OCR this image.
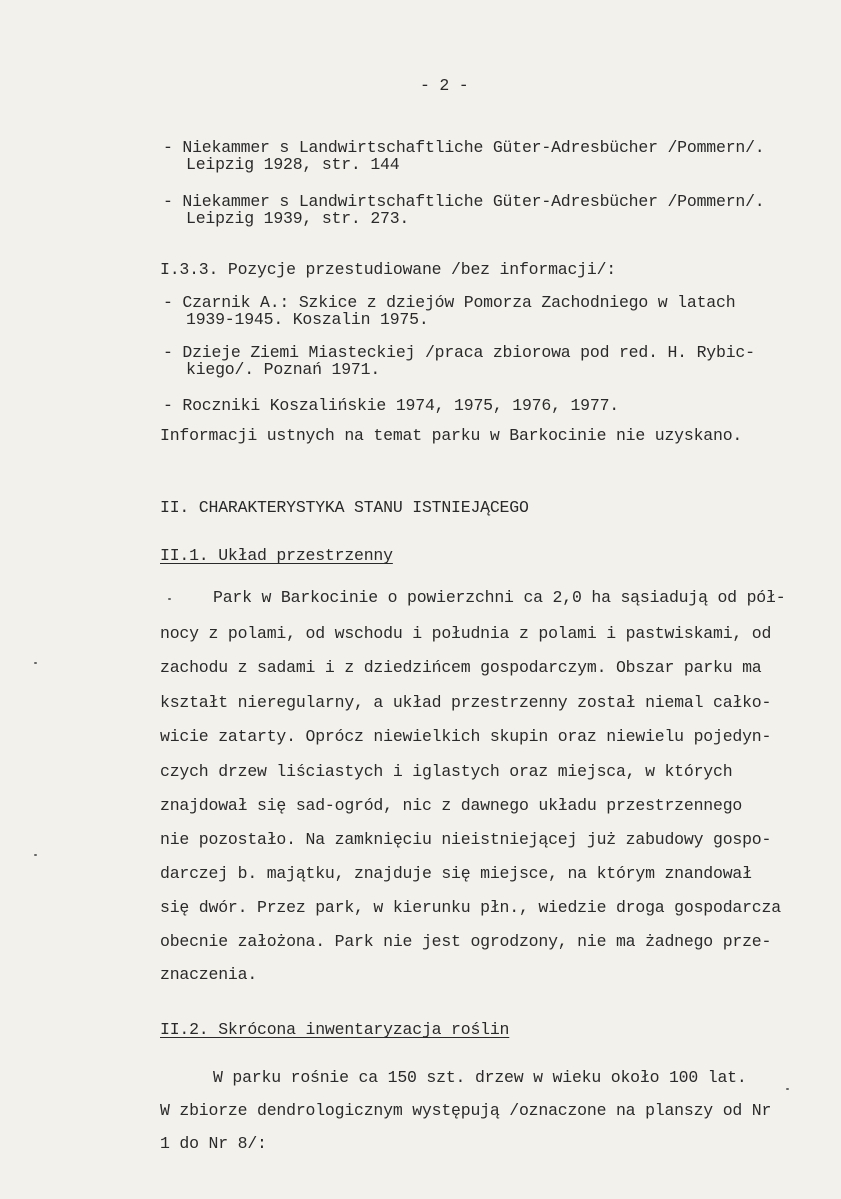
- 2 -
- Niekammer s Landwirtschaftliche Güter-Adresbücher /Pommern/.
Leipzig 1928, str. 144
- Niekammer s Landwirtschaftliche Güter-Adresbücher /Pommern/.
Leipzig 1939, str. 273.
I.3.3. Pozycje przestudiowane /bez informacji/:
- Czarnik A.: Szkice z dziejów Pomorza Zachodniego w latach
1939-1945. Koszalin 1975.
- Dzieje Ziemi Miasteckiej /praca zbiorowa pod red. H. Rybic-
kiego/. Poznań 1971.
- Roczniki Koszalińskie 1974, 1975, 1976, 1977.
Informacji ustnych na temat parku w Barkocinie nie uzyskano.
II. CHARAKTERYSTYKA STANU ISTNIEJĄCEGO
II.1. Układ przestrzenny
Park w Barkocinie o powierzchni ca 2,0 ha sąsiadują od pół-
nocy z polami, od wschodu i południa z polami i pastwiskami, od
zachodu z sadami i z dziedzińcem gospodarczym. Obszar parku ma
kształt nieregularny, a układ przestrzenny został niemal całko-
wicie zatarty. Oprócz niewielkich skupin oraz niewielu pojedyn-
czych drzew liściastych i iglastych oraz miejsca, w których
znajdował się sad-ogród, nic z dawnego układu przestrzennego
nie pozostało. Na zamknięciu nieistniejącej już zabudowy gospo-
darczej b. majątku, znajduje się miejsce, na którym znandował
się dwór. Przez park, w kierunku płn., wiedzie droga gospodarcza
obecnie założona. Park nie jest ogrodzony, nie ma żadnego prze-
znaczenia.
II.2. Skrócona inwentaryzacja roślin
W parku rośnie ca 150 szt. drzew w wieku około 100 lat.
W zbiorze dendrologicznym występują /oznaczone na planszy od Nr
1 do Nr 8/:
